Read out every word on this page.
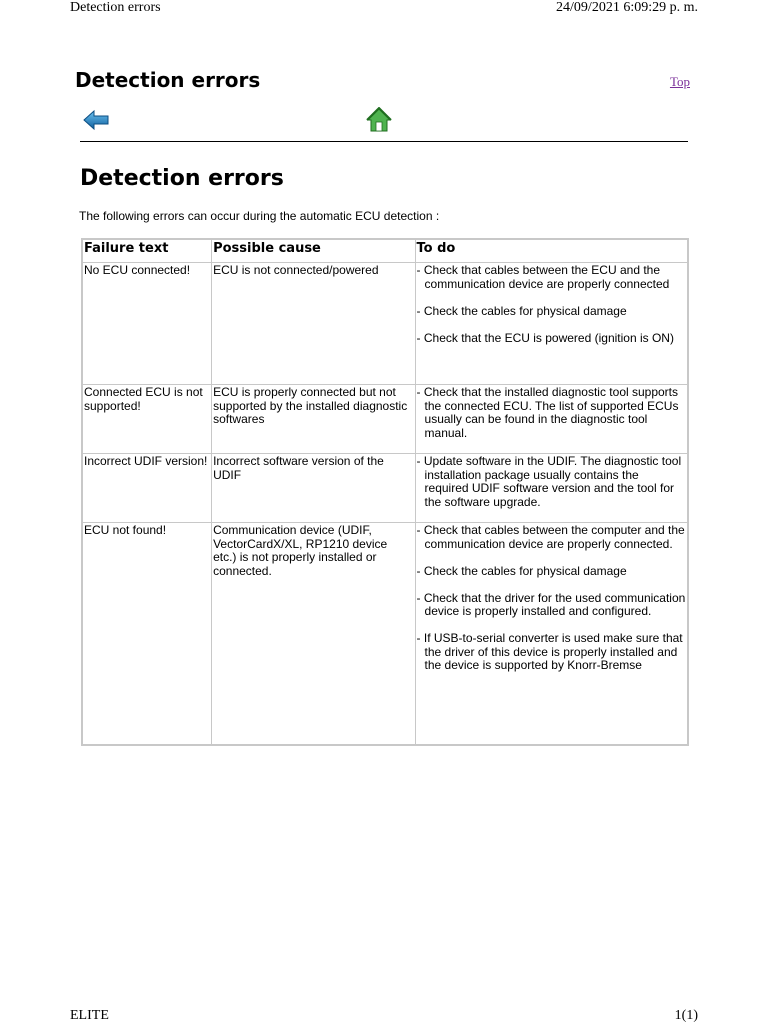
Detection errors	24/09/2021 6:09:29 p. m.
Detection errors	Top
Detection errors
The following errors can occur during the automatic ECU detection :
Failure text	Possible cause	To do
No ECU connected!	ECU is not connected/powered	- Check that cables between the ECU and the communication device are properly connected
- Check the cables for physical damage
- Check that the ECU is powered (ignition is ON)

Connected ECU is not supported!	ECU is properly connected but not supported by the installed diagnostic softwares	- Check that the installed diagnostic tool supports the connected ECU. The list of supported ECUs usually can be found in the diagnostic tool manual.

Incorrect UDIF version!	Incorrect software version of the UDIF	- Update software in the UDIF. The diagnostic tool installation package usually contains the required UDIF software version and the tool for the software upgrade.

ECU not found!	Communication device (UDIF, VectorCardX/XL, RP1210 device etc.) is not properly installed or connected.	- Check that cables between the computer and the communication device are properly connected.
- Check the cables for physical damage
- Check that the driver for the used communication device is properly installed and configured.
- If USB-to-serial converter is used make sure that the driver of this device is properly installed and the device is supported by Knorr-Bremse
ELITE	1(1)
